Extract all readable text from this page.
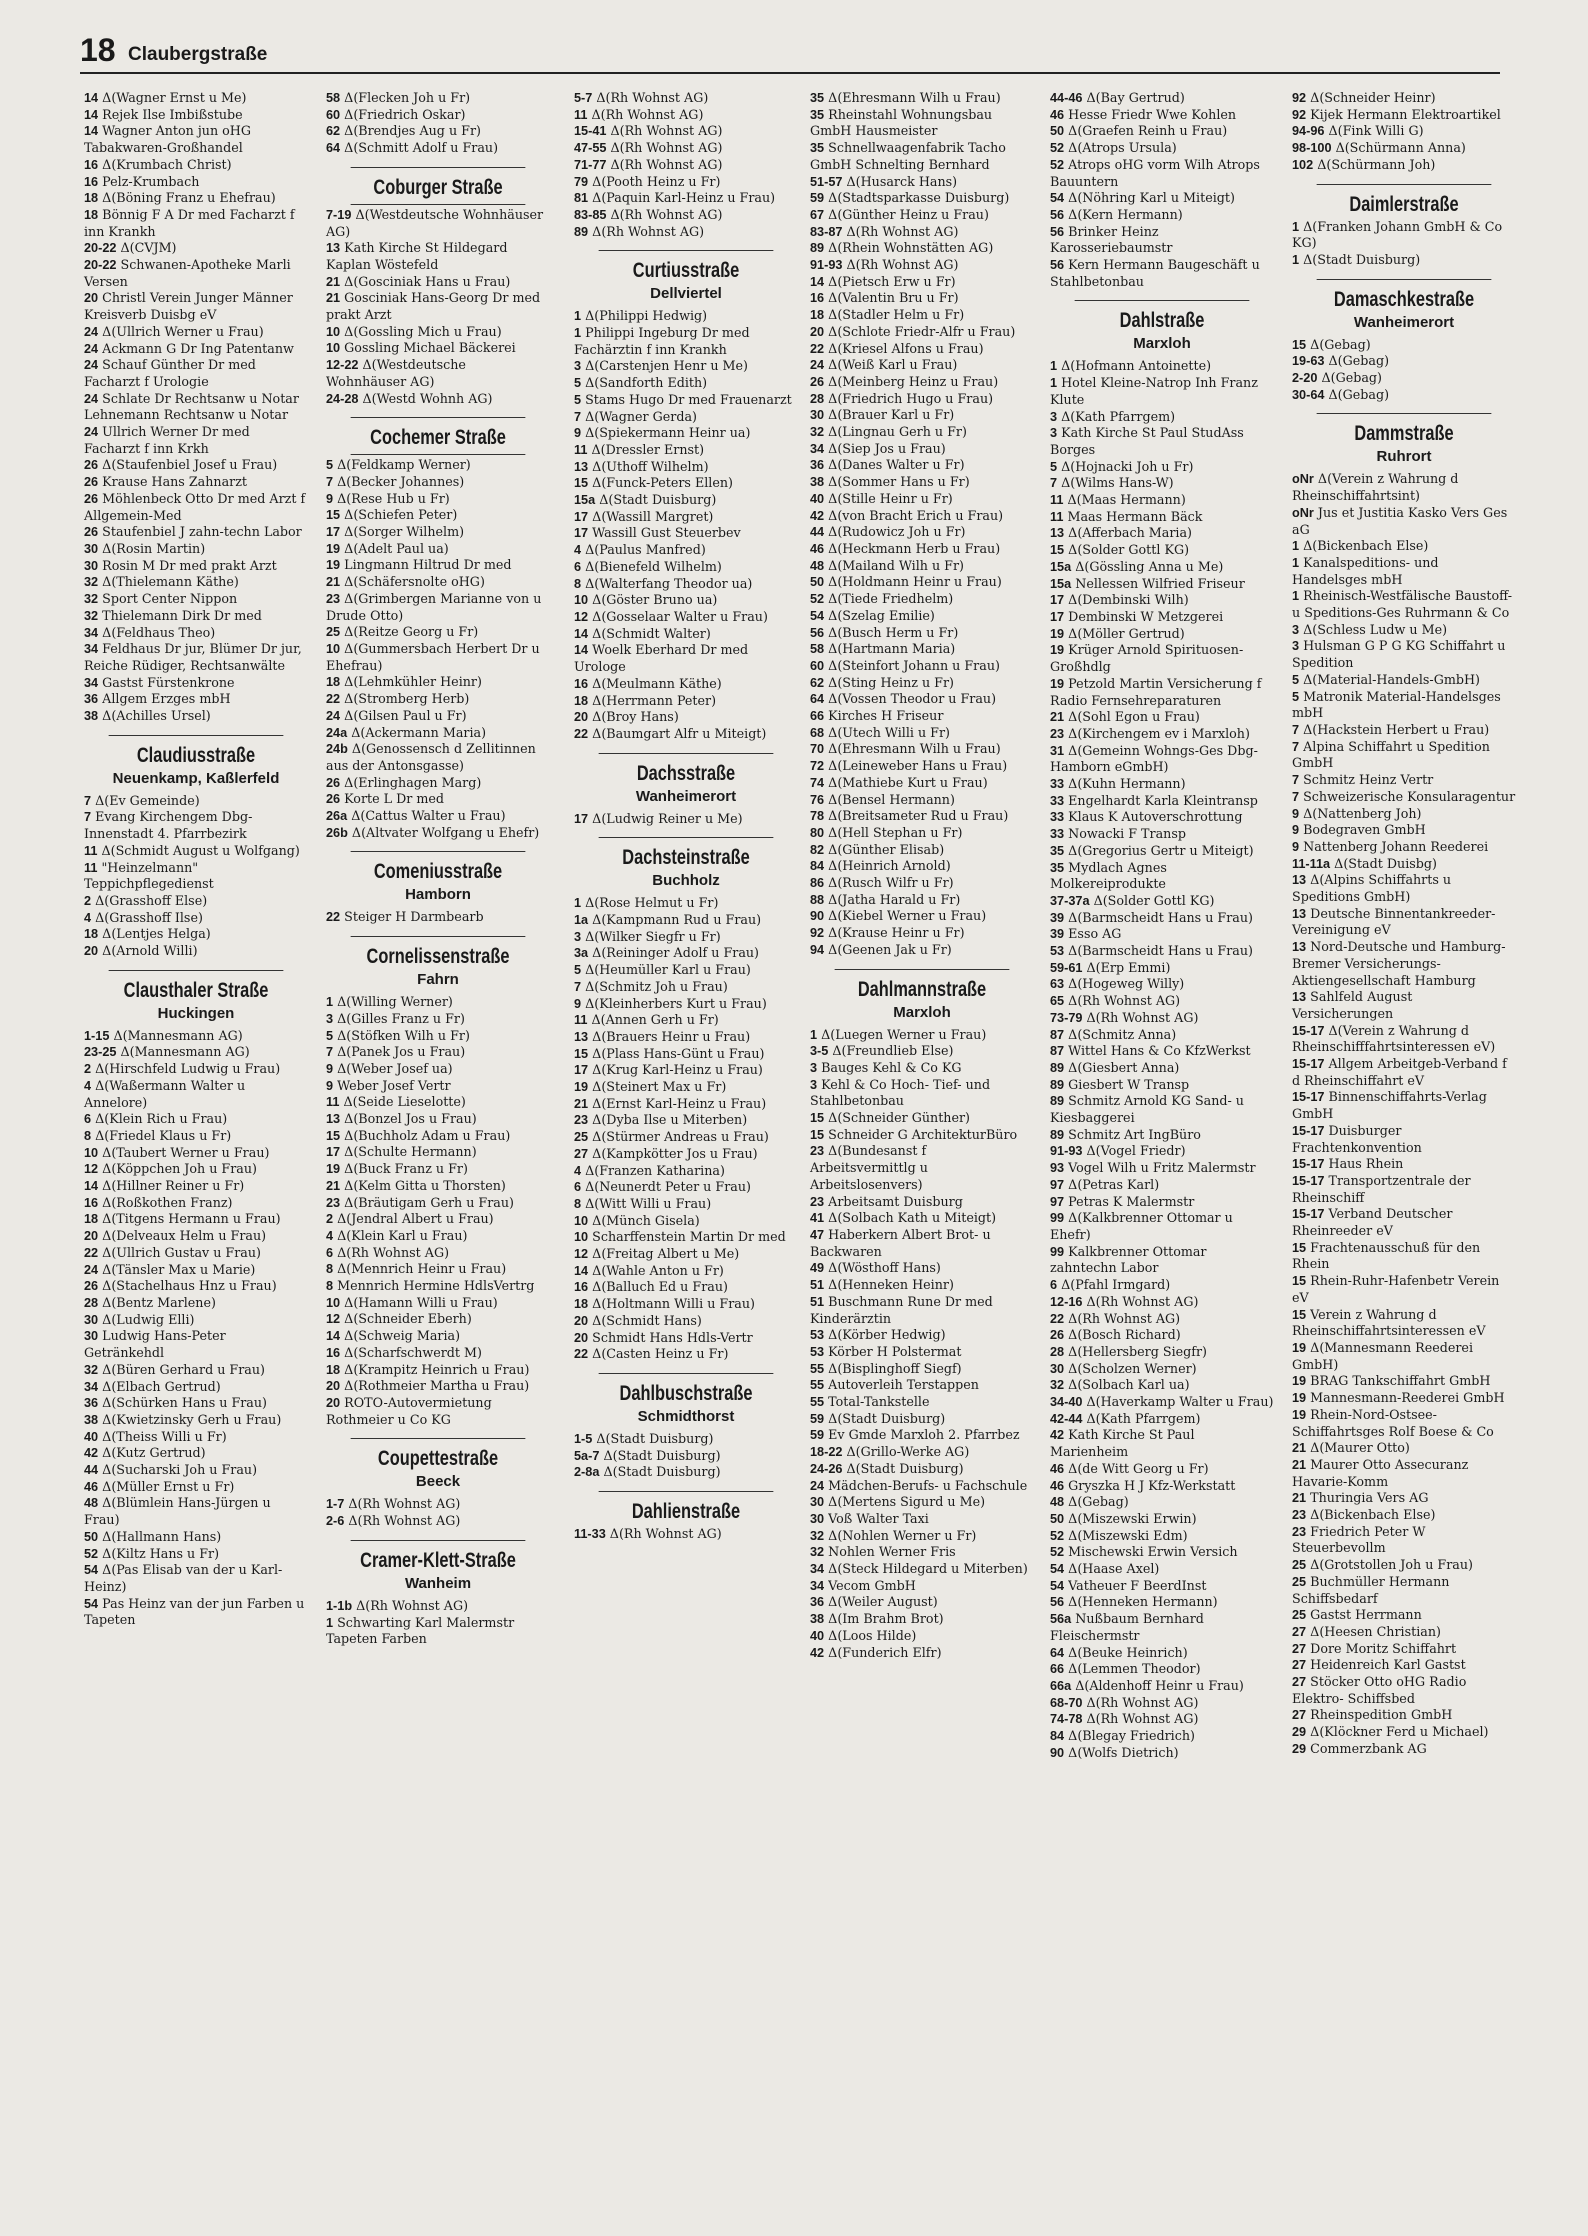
18 Claubergstraße

14 Δ(Wagner Ernst u Me)

14 Rejek Ilse Imbißstube

14 Wagner Anton jun oHG Tabakwaren-Großhandel

16 Δ(Krumbach Christ)

16 Pelz-Krumbach

18 Δ(Böning Franz u Ehefrau)

18 Bönnig F A Dr med Facharzt f inn Krankh

20-22 Δ(CVJM)

20-22 Schwanen-Apotheke Marli Versen

20 Christl Verein Junger Männer Kreisverb Duisbg eV

24 Δ(Ullrich Werner u Frau)

24 Ackmann G Dr Ing Patentanw

24 Schauf Günther Dr med Facharzt f Urologie

24 Schlate Dr Rechtsanw u Notar Lehnemann Rechtsanw u Notar

24 Ullrich Werner Dr med Facharzt f inn Krkh

26 Δ(Staufenbiel Josef u Frau)

26 Krause Hans Zahnarzt

26 Möhlenbeck Otto Dr med Arzt f Allgemein-Med

26 Staufenbiel J zahn-techn Labor

30 Δ(Rosin Martin)

30 Rosin M Dr med prakt Arzt

32 Δ(Thielemann Käthe)

32 Sport Center Nippon

32 Thielemann Dirk Dr med

34 Δ(Feldhaus Theo)

34 Feldhaus Dr jur, Blümer Dr jur, Reiche Rüdiger, Rechtsanwälte

34 Gastst Fürstenkrone

36 Allgem Erzges mbH

38 Δ(Achilles Ursel)

Claudiusstraße
Neuenkamp, Kaßlerfeld

7 Δ(Ev Gemeinde)

7 Evang Kirchengem Dbg-Innenstadt 4. Pfarrbezirk

11 Δ(Schmidt August u Wolfgang)

11 "Heinzelmann" Teppichpflegedienst

2 Δ(Grasshoff Else)

4 Δ(Grasshoff Ilse)

18 Δ(Lentjes Helga)

20 Δ(Arnold Willi)

Clausthaler Straße
Huckingen

1-15 Δ(Mannesmann AG)

23-25 Δ(Mannesmann AG)

2 Δ(Hirschfeld Ludwig u Frau)

4 Δ(Waßermann Walter u Annelore)

6 Δ(Klein Rich u Frau)

8 Δ(Friedel Klaus u Fr)

10 Δ(Taubert Werner u Frau)

12 Δ(Köppchen Joh u Frau)

14 Δ(Hillner Reiner u Fr)

16 Δ(Roßkothen Franz)

18 Δ(Titgens Hermann u Frau)

20 Δ(Delveaux Helm u Frau)

22 Δ(Ullrich Gustav u Frau)

24 Δ(Tänsler Max u Marie)

26 Δ(Stachelhaus Hnz u Frau)

28 Δ(Bentz Marlene)

30 Δ(Ludwig Elli)

30 Ludwig Hans-Peter Getränkehdl

32 Δ(Büren Gerhard u Frau)

34 Δ(Elbach Gertrud)

36 Δ(Schürken Hans u Frau)

38 Δ(Kwietzinsky Gerh u Frau)

40 Δ(Theiss Willi u Fr)

42 Δ(Kutz Gertrud)

44 Δ(Sucharski Joh u Frau)

46 Δ(Müller Ernst u Fr)

48 Δ(Blümlein Hans-Jürgen u Frau)

50 Δ(Hallmann Hans)

52 Δ(Kiltz Hans u Fr)

54 Δ(Pas Elisab van der u Karl-Heinz)

54 Pas Heinz van der jun Farben u Tapeten

58 Δ(Flecken Joh u Fr)

60 Δ(Friedrich Oskar)

62 Δ(Brendjes Aug u Fr)

64 Δ(Schmitt Adolf u Frau)

Coburger Straße

7-19 Δ(Westdeutsche Wohnhäuser AG)

13 Kath Kirche St Hildegard Kaplan Wöstefeld

21 Δ(Gosciniak Hans u Frau)

21 Gosciniak Hans-Georg Dr med prakt Arzt

10 Δ(Gossling Mich u Frau)

10 Gossling Michael Bäckerei

12-22 Δ(Westdeutsche Wohnhäuser AG)

24-28 Δ(Westd Wohnh AG)

Cochemer Straße

5 Δ(Feldkamp Werner)

7 Δ(Becker Johannes)

9 Δ(Rese Hub u Fr)

15 Δ(Schiefen Peter)

17 Δ(Sorger Wilhelm)

19 Δ(Adelt Paul ua)

19 Lingmann Hiltrud Dr med

21 Δ(Schäfersnolte oHG)

23 Δ(Grimbergen Marianne von u Drude Otto)

25 Δ(Reitze Georg u Fr)

10 Δ(Gummersbach Herbert Dr u Ehefrau)

18 Δ(Lehmkühler Heinr)

22 Δ(Stromberg Herb)

24 Δ(Gilsen Paul u Fr)

24a Δ(Ackermann Maria)

24b Δ(Genossensch d Zellitinnen aus der Antonsgasse)

26 Δ(Erlinghagen Marg)

26 Korte L Dr med

26a Δ(Cattus Walter u Frau)

26b Δ(Altvater Wolfgang u Ehefr)

Comeniusstraße
Hamborn

22 Steiger H Darmbearb

Cornelissenstraße
Fahrn

1 Δ(Willing Werner)

3 Δ(Gilles Franz u Fr)

5 Δ(Stöfken Wilh u Fr)

7 Δ(Panek Jos u Frau)

9 Δ(Weber Josef ua)

9 Weber Josef Vertr

11 Δ(Seide Lieselotte)

13 Δ(Bonzel Jos u Frau)

15 Δ(Buchholz Adam u Frau)

17 Δ(Schulte Hermann)

19 Δ(Buck Franz u Fr)

21 Δ(Kelm Gitta u Thorsten)

23 Δ(Bräutigam Gerh u Frau)

2 Δ(Jendral Albert u Frau)

4 Δ(Klein Karl u Frau)

6 Δ(Rh Wohnst AG)

8 Δ(Mennrich Heinr u Frau)

8 Mennrich Hermine HdlsVertrg

10 Δ(Hamann Willi u Frau)

12 Δ(Schneider Eberh)

14 Δ(Schweig Maria)

16 Δ(Scharfschwerdt M)

18 Δ(Krampitz Heinrich u Frau)

20 Δ(Rothmeier Martha u Frau)

20 ROTO-Autovermietung Rothmeier u Co KG

Coupettestraße
Beeck

1-7 Δ(Rh Wohnst AG)

2-6 Δ(Rh Wohnst AG)

Cramer-Klett-Straße
Wanheim

1-1b Δ(Rh Wohnst AG)

1 Schwarting Karl Malermstr Tapeten Farben

5-7 Δ(Rh Wohnst AG)

11 Δ(Rh Wohnst AG)

15-41 Δ(Rh Wohnst AG)

47-55 Δ(Rh Wohnst AG)

71-77 Δ(Rh Wohnst AG)

79 Δ(Pooth Heinz u Fr)

81 Δ(Paquin Karl-Heinz u Frau)

83-85 Δ(Rh Wohnst AG)

89 Δ(Rh Wohnst AG)

Curtiusstraße
Dellviertel

1 Δ(Philippi Hedwig)

1 Philippi Ingeburg Dr med Fachärztin f inn Krankh

3 Δ(Carstenjen Henr u Me)

5 Δ(Sandforth Edith)

5 Stams Hugo Dr med Frauenarzt

7 Δ(Wagner Gerda)

9 Δ(Spiekermann Heinr ua)

11 Δ(Dressler Ernst)

13 Δ(Uthoff Wilhelm)

15 Δ(Funck-Peters Ellen)

15a Δ(Stadt Duisburg)

17 Δ(Wassill Margret)

17 Wassill Gust Steuerbev

4 Δ(Paulus Manfred)

6 Δ(Bienefeld Wilhelm)

8 Δ(Walterfang Theodor ua)

10 Δ(Göster Bruno ua)

12 Δ(Gosselaar Walter u Frau)

14 Δ(Schmidt Walter)

14 Woelk Eberhard Dr med Urologe

16 Δ(Meulmann Käthe)

18 Δ(Herrmann Peter)

20 Δ(Broy Hans)

22 Δ(Baumgart Alfr u Miteigt)

Dachsstraße
Wanheimerort

17 Δ(Ludwig Reiner u Me)

Dachsteinstraße
Buchholz

1 Δ(Rose Helmut u Fr)

1a Δ(Kampmann Rud u Frau)

3 Δ(Wilker Siegfr u Fr)

3a Δ(Reininger Adolf u Frau)

5 Δ(Heumüller Karl u Frau)

7 Δ(Schmitz Joh u Frau)

9 Δ(Kleinherbers Kurt u Frau)

11 Δ(Annen Gerh u Fr)

13 Δ(Brauers Heinr u Frau)

15 Δ(Plass Hans-Günt u Frau)

17 Δ(Krug Karl-Heinz u Frau)

19 Δ(Steinert Max u Fr)

21 Δ(Ernst Karl-Heinz u Frau)

23 Δ(Dyba Ilse u Miterben)

25 Δ(Stürmer Andreas u Frau)

27 Δ(Kampkötter Jos u Frau)

4 Δ(Franzen Katharina)

6 Δ(Neunerdt Peter u Frau)

8 Δ(Witt Willi u Frau)

10 Δ(Münch Gisela)

10 Scharffenstein Martin Dr med

12 Δ(Freitag Albert u Me)

14 Δ(Wahle Anton u Fr)

16 Δ(Balluch Ed u Frau)

18 Δ(Holtmann Willi u Frau)

20 Δ(Schmidt Hans)

20 Schmidt Hans Hdls-Vertr

22 Δ(Casten Heinz u Fr)

Dahlbuschstraße
Schmidthorst

1-5 Δ(Stadt Duisburg)

5a-7 Δ(Stadt Duisburg)

2-8a Δ(Stadt Duisburg)

Dahlienstraße

11-33 Δ(Rh Wohnst AG)

35 Δ(Ehresmann Wilh u Frau)

35 Rheinstahl Wohnungsbau GmbH Hausmeister

35 Schnellwaagenfabrik Tacho GmbH Schnelting Bernhard

51-57 Δ(Husarck Hans)

59 Δ(Stadtsparkasse Duisburg)

67 Δ(Günther Heinz u Frau)

83-87 Δ(Rh Wohnst AG)

89 Δ(Rhein Wohnstätten AG)

91-93 Δ(Rh Wohnst AG)

14 Δ(Pietsch Erw u Fr)

16 Δ(Valentin Bru u Fr)

18 Δ(Stadler Helm u Fr)

20 Δ(Schlote Friedr-Alfr u Frau)

22 Δ(Kriesel Alfons u Frau)

24 Δ(Weiß Karl u Frau)

26 Δ(Meinberg Heinz u Frau)

28 Δ(Friedrich Hugo u Frau)

30 Δ(Brauer Karl u Fr)

32 Δ(Lingnau Gerh u Fr)

34 Δ(Siep Jos u Frau)

36 Δ(Danes Walter u Fr)

38 Δ(Sommer Hans u Fr)

40 Δ(Stille Heinr u Fr)

42 Δ(von Bracht Erich u Frau)

44 Δ(Rudowicz Joh u Fr)

46 Δ(Heckmann Herb u Frau)

48 Δ(Mailand Wilh u Fr)

50 Δ(Holdmann Heinr u Frau)

52 Δ(Tiede Friedhelm)

54 Δ(Szelag Emilie)

56 Δ(Busch Herm u Fr)

58 Δ(Hartmann Maria)

60 Δ(Steinfort Johann u Frau)

62 Δ(Sting Heinz u Fr)

64 Δ(Vossen Theodor u Frau)

66 Kirches H Friseur

68 Δ(Utech Willi u Fr)

70 Δ(Ehresmann Wilh u Frau)

72 Δ(Leineweber Hans u Frau)

74 Δ(Mathiebe Kurt u Frau)

76 Δ(Bensel Hermann)

78 Δ(Breitsameter Rud u Frau)

80 Δ(Hell Stephan u Fr)

82 Δ(Günther Elisab)

84 Δ(Heinrich Arnold)

86 Δ(Rusch Wilfr u Fr)

88 Δ(Jatha Harald u Fr)

90 Δ(Kiebel Werner u Frau)

92 Δ(Krause Heinr u Fr)

94 Δ(Geenen Jak u Fr)

Dahlmannstraße
Marxloh

1 Δ(Luegen Werner u Frau)

3-5 Δ(Freundlieb Else)

3 Bauges Kehl & Co KG

3 Kehl & Co Hoch- Tief- und Stahlbetonbau

15 Δ(Schneider Günther)

15 Schneider G ArchitekturBüro

23 Δ(Bundesanst f Arbeitsvermittlg u Arbeitslosenvers)

23 Arbeitsamt Duisburg

41 Δ(Solbach Kath u Miteigt)

47 Haberkern Albert Brot- u Backwaren

49 Δ(Wösthoff Hans)

51 Δ(Henneken Heinr)

51 Buschmann Rune Dr med Kinderärztin

53 Δ(Körber Hedwig)

53 Körber H Polstermat

55 Δ(Bisplinghoff Siegf)

55 Autoverleih Terstappen

55 Total-Tankstelle

59 Δ(Stadt Duisburg)

59 Ev Gmde Marxloh 2. Pfarrbez

18-22 Δ(Grillo-Werke AG)

24-26 Δ(Stadt Duisburg)

24 Mädchen-Berufs- u Fachschule

30 Δ(Mertens Sigurd u Me)

30 Voß Walter Taxi

32 Δ(Nohlen Werner u Fr)

32 Nohlen Werner Fris

34 Δ(Steck Hildegard u Miterben)

34 Vecom GmbH

36 Δ(Weiler August)

38 Δ(Im Brahm Brot)

40 Δ(Loos Hilde)

42 Δ(Funderich Elfr)

44-46 Δ(Bay Gertrud)

46 Hesse Friedr Wwe Kohlen

50 Δ(Graefen Reinh u Frau)

52 Δ(Atrops Ursula)

52 Atrops oHG vorm Wilh Atrops Bauuntern

54 Δ(Nöhring Karl u Miteigt)

56 Δ(Kern Hermann)

56 Brinker Heinz Karosseriebaumstr

56 Kern Hermann Baugeschäft u Stahlbetonbau

Dahlstraße
Marxloh

1 Δ(Hofmann Antoinette)

1 Hotel Kleine-Natrop Inh Franz Klute

3 Δ(Kath Pfarrgem)

3 Kath Kirche St Paul StudAss Borges

5 Δ(Hojnacki Joh u Fr)

7 Δ(Wilms Hans-W)

11 Δ(Maas Hermann)

11 Maas Hermann Bäck

13 Δ(Afferbach Maria)

15 Δ(Solder Gottl KG)

15a Δ(Gössling Anna u Me)

15a Nellessen Wilfried Friseur

17 Δ(Dembinski Wilh)

17 Dembinski W Metzgerei

19 Δ(Möller Gertrud)

19 Krüger Arnold Spirituosen-Großhdlg

19 Petzold Martin Versicherung f Radio Fernsehreparaturen

21 Δ(Sohl Egon u Frau)

23 Δ(Kirchengem ev i Marxloh)

31 Δ(Gemeinn Wohngs-Ges Dbg-Hamborn eGmbH)

33 Δ(Kuhn Hermann)

33 Engelhardt Karla Kleintransp

33 Klaus K Autoverschrottung

33 Nowacki F Transp

35 Δ(Gregorius Gertr u Miteigt)

35 Mydlach Agnes Molkereiprodukte

37-37a Δ(Solder Gottl KG)

39 Δ(Barmscheidt Hans u Frau)

39 Esso AG

53 Δ(Barmscheidt Hans u Frau)

59-61 Δ(Erp Emmi)

63 Δ(Hogeweg Willy)

65 Δ(Rh Wohnst AG)

73-79 Δ(Rh Wohnst AG)

87 Δ(Schmitz Anna)

87 Wittel Hans & Co KfzWerkst

89 Δ(Giesbert Anna)

89 Giesbert W Transp

89 Schmitz Arnold KG Sand- u Kiesbaggerei

89 Schmitz Art IngBüro

91-93 Δ(Vogel Friedr)

93 Vogel Wilh u Fritz Malermstr

97 Δ(Petras Karl)

97 Petras K Malermstr

99 Δ(Kalkbrenner Ottomar u Ehefr)

99 Kalkbrenner Ottomar zahntechn Labor

6 Δ(Pfahl Irmgard)

12-16 Δ(Rh Wohnst AG)

22 Δ(Rh Wohnst AG)

26 Δ(Bosch Richard)

28 Δ(Hellersberg Siegfr)

30 Δ(Scholzen Werner)

32 Δ(Solbach Karl ua)

34-40 Δ(Haverkamp Walter u Frau)

42-44 Δ(Kath Pfarrgem)

42 Kath Kirche St Paul Marienheim

46 Δ(de Witt Georg u Fr)

46 Gryszka H J Kfz-Werkstatt

48 Δ(Gebag)

50 Δ(Miszewski Erwin)

52 Δ(Miszewski Edm)

52 Mischewski Erwin Versich

54 Δ(Haase Axel)

54 Vatheuer F BeerdInst

56 Δ(Henneken Hermann)

56a Nußbaum Bernhard Fleischermstr

64 Δ(Beuke Heinrich)

66 Δ(Lemmen Theodor)

66a Δ(Aldenhoff Heinr u Frau)

68-70 Δ(Rh Wohnst AG)

74-78 Δ(Rh Wohnst AG)

84 Δ(Blegay Friedrich)

90 Δ(Wolfs Dietrich)

92 Δ(Schneider Heinr)

92 Kijek Hermann Elektroartikel

94-96 Δ(Fink Willi G)

98-100 Δ(Schürmann Anna)

102 Δ(Schürmann Joh)

Daimlerstraße

1 Δ(Franken Johann GmbH & Co KG)

1 Δ(Stadt Duisburg)

Damaschkestraße
Wanheimerort

15 Δ(Gebag)

19-63 Δ(Gebag)

2-20 Δ(Gebag)

30-64 Δ(Gebag)

Dammstraße
Ruhrort

oNr Δ(Verein z Wahrung d Rheinschiffahrtsint)

oNr Jus et Justitia Kasko Vers Ges aG

1 Δ(Bickenbach Else)

1 Kanalspeditions- und Handelsges mbH

1 Rheinisch-Westfälische Baustoff- u Speditions-Ges Ruhrmann & Co

3 Δ(Schless Ludw u Me)

3 Hulsman G P G KG Schiffahrt u Spedition

5 Δ(Material-Handels-GmbH)

5 Matronik Material-Handelsges mbH

7 Δ(Hackstein Herbert u Frau)

7 Alpina Schiffahrt u Spedition GmbH

7 Schmitz Heinz Vertr

7 Schweizerische Konsularagentur

9 Δ(Nattenberg Joh)

9 Bodegraven GmbH

9 Nattenberg Johann Reederei

11-11a Δ(Stadt Duisbg)

13 Δ(Alpins Schiffahrts u Speditions GmbH)

13 Deutsche Binnentankreeder-Vereinigung eV

13 Nord-Deutsche und Hamburg-Bremer Versicherungs-Aktiengesellschaft Hamburg

13 Sahlfeld August Versicherungen

15-17 Δ(Verein z Wahrung d Rheinschifffahrtsinteressen eV)

15-17 Allgem Arbeitgeb-Verband f d Rheinschiffahrt eV

15-17 Binnenschiffahrts-Verlag GmbH

15-17 Duisburger Frachtenkonvention

15-17 Haus Rhein

15-17 Transportzentrale der Rheinschiff

15-17 Verband Deutscher Rheinreeder eV

15 Frachtenausschuß für den Rhein

15 Rhein-Ruhr-Hafenbetr Verein eV

15 Verein z Wahrung d Rheinschiffahrtsinteressen eV

19 Δ(Mannesmann Reederei GmbH)

19 BRAG Tankschiffahrt GmbH

19 Mannesmann-Reederei GmbH

19 Rhein-Nord-Ostsee-Schiffahrtsges Rolf Boese & Co

21 Δ(Maurer Otto)

21 Maurer Otto Assecuranz Havarie-Komm

21 Thuringia Vers AG

23 Δ(Bickenbach Else)

23 Friedrich Peter W Steuerbevollm

25 Δ(Grotstollen Joh u Frau)

25 Buchmüller Hermann Schiffsbedarf

25 Gastst Herrmann

27 Δ(Heesen Christian)

27 Dore Moritz Schiffahrt

27 Heidenreich Karl Gastst

27 Stöcker Otto oHG Radio Elektro- Schiffsbed

27 Rheinspedition GmbH

29 Δ(Klöckner Ferd u Michael)

29 Commerzbank AG
